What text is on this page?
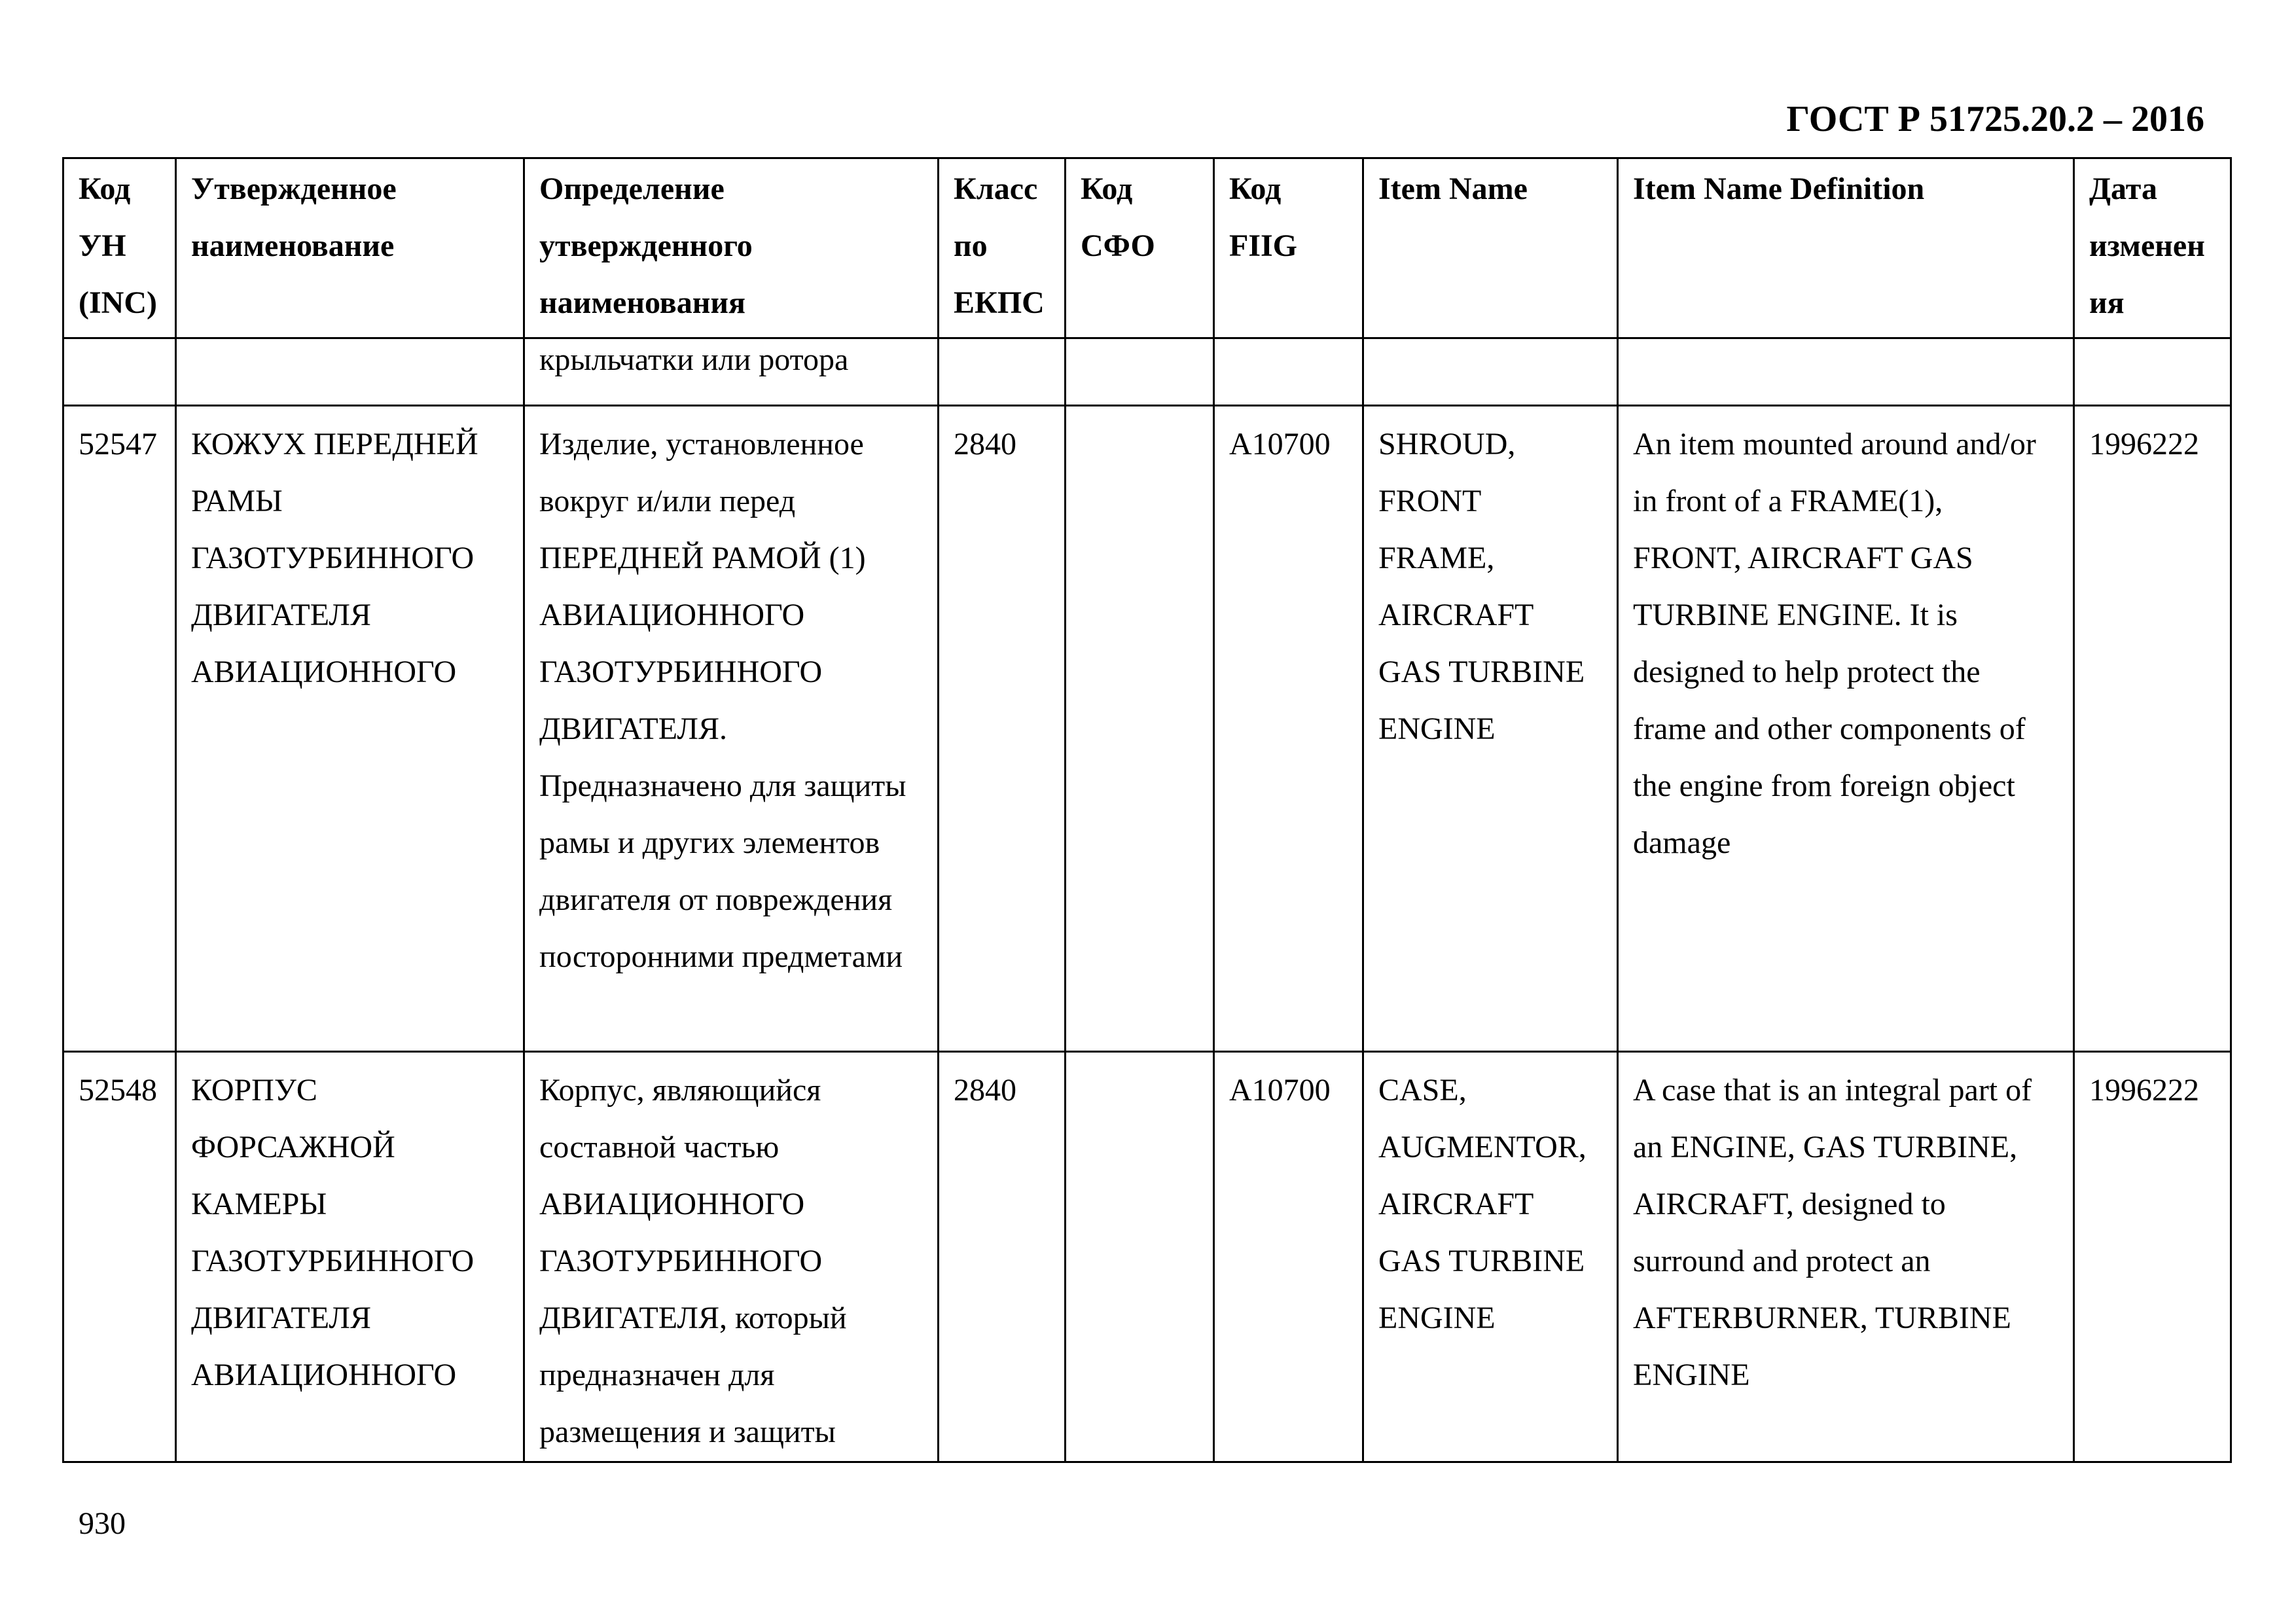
ГОСТ Р 51725.20.2 – 2016
Код УН (INC)	Утвержденное наименование	Определение утвержденного наименования	Класс по ЕКПС	Код СФО	Код FIIG	Item Name	Item Name Definition	Дата изменения

		крыльчатки или ротора						

52547	КОЖУХ ПЕРЕДНЕЙ РАМЫ ГАЗОТУРБИННОГО ДВИГАТЕЛЯ АВИАЦИОННОГО	Изделие, установленное вокруг и/или перед ПЕРЕДНЕЙ РАМОЙ (1) АВИАЦИОННОГО ГАЗОТУРБИННОГО ДВИГАТЕЛЯ. Предназначено для защиты рамы и других элементов двигателя от повреждения посторонними предметами	2840		A10700	SHROUD, FRONT FRAME, AIRCRAFT GAS TURBINE ENGINE	An item mounted around and/or in front of a FRAME(1), FRONT, AIRCRAFT GAS TURBINE ENGINE. It is designed to help protect the frame and other components of the engine from foreign object damage	1996222
52548	КОРПУС ФОРСАЖНОЙ КАМЕРЫ ГАЗОТУРБИННОГО ДВИГАТЕЛЯ АВИАЦИОННОГО	Корпус, являющийся составной частью АВИАЦИОННОГО ГАЗОТУРБИННОГО ДВИГАТЕЛЯ, который предназначен для размещения и защиты	2840		A10700	CASE, AUGMENTOR, AIRCRAFT GAS TURBINE ENGINE	A case that is an integral part of an ENGINE, GAS TURBINE, AIRCRAFT, designed to surround and protect an AFTERBURNER, TURBINE ENGINE	1996222
930
